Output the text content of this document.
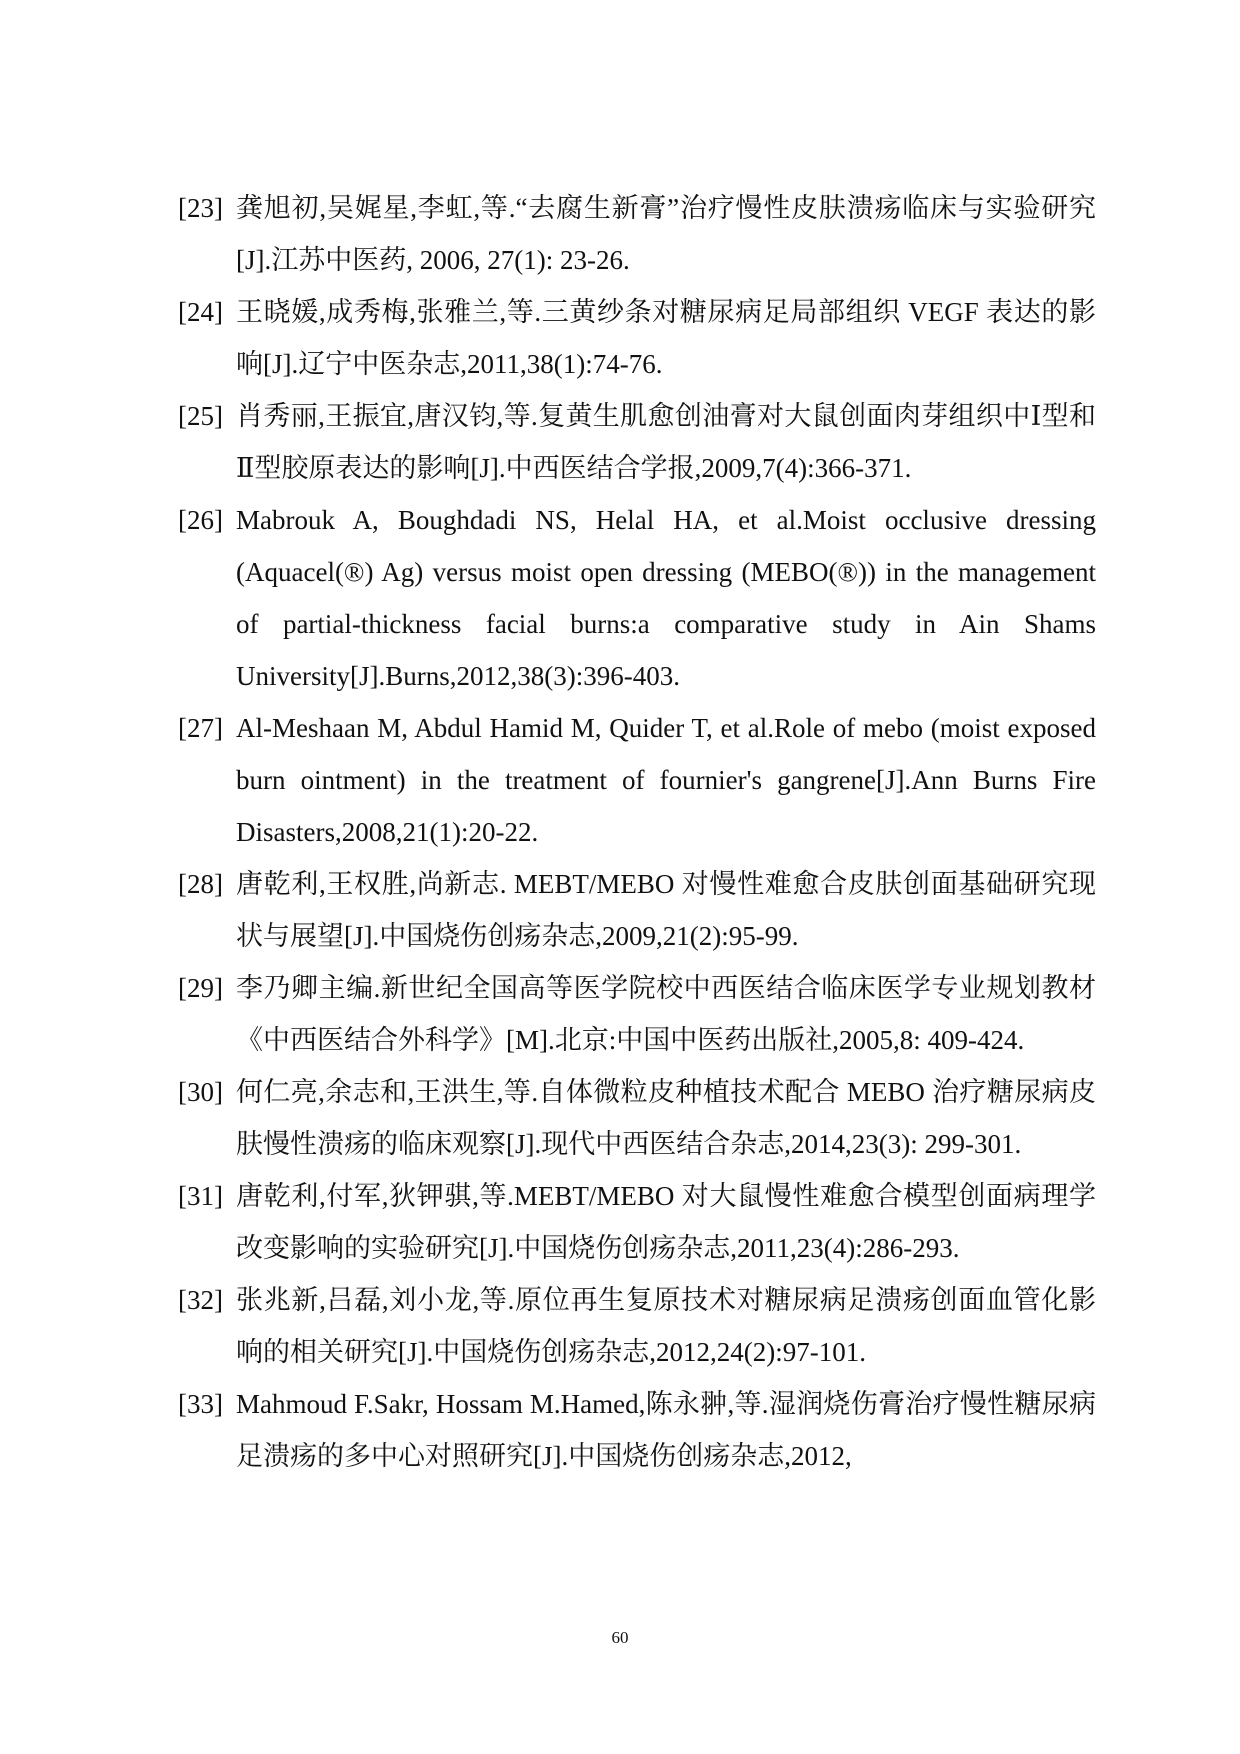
[23] 龚旭初,吴娓星,李虹,等.“去腐生新膏”治疗慢性皮肤溃疡临床与实验研究[J].江苏中医药, 2006, 27(1): 23-26.
[24] 王晓媛,成秀梅,张雅兰,等.三黄纱条对糖尿病足局部组织 VEGF 表达的影响[J].辽宁中医杂志,2011,38(1):74-76.
[25] 肖秀丽,王振宜,唐汉钧,等.复黄生肌愈创油膏对大鼠创面肉芽组织中Ⅰ型和Ⅱ型胶原表达的影响[J].中西医结合学报,2009,7(4):366-371.
[26] Mabrouk A, Boughdadi NS, Helal HA, et al.Moist occlusive dressing (Aquacel(®) Ag) versus moist open dressing (MEBO(®)) in the management of partial-thickness facial burns:a comparative study in Ain Shams University[J].Burns,2012,38(3):396-403.
[27] Al-Meshaan M, Abdul Hamid M, Quider T, et al.Role of mebo (moist exposed burn ointment) in the treatment of fournier's gangrene[J].Ann Burns Fire Disasters,2008,21(1):20-22.
[28] 唐乾利,王权胜,尚新志. MEBT/MEBO 对慢性难愈合皮肤创面基础研究现状与展望[J].中国烧伤创疡杂志,2009,21(2):95-99.
[29] 李乃卿主编.新世纪全国高等医学院校中西医结合临床医学专业规划教材《中西医结合外科学》[M].北京:中国中医药出版社,2005,8: 409-424.
[30] 何仁亮,余志和,王洪生,等.自体微粒皮种植技术配合 MEBO 治疗糖尿病皮肤慢性溃疡的临床观察[J].现代中西医结合杂志,2014,23(3): 299-301.
[31] 唐乾利,付军,狄钾骐,等.MEBT/MEBO 对大鼠慢性难愈合模型创面病理学改变影响的实验研究[J].中国烧伤创疡杂志,2011,23(4):286-293.
[32] 张兆新,吕磊,刘小龙,等.原位再生复原技术对糖尿病足溃疡创面血管化影响的相关研究[J].中国烧伤创疡杂志,2012,24(2):97-101.
[33] Mahmoud F.Sakr, Hossam M.Hamed,陈永翀,等.湿润烧伤膏治疗慢性糖尿病足溃疡的多中心对照研究[J].中国烧伤创疡杂志,2012,
60
